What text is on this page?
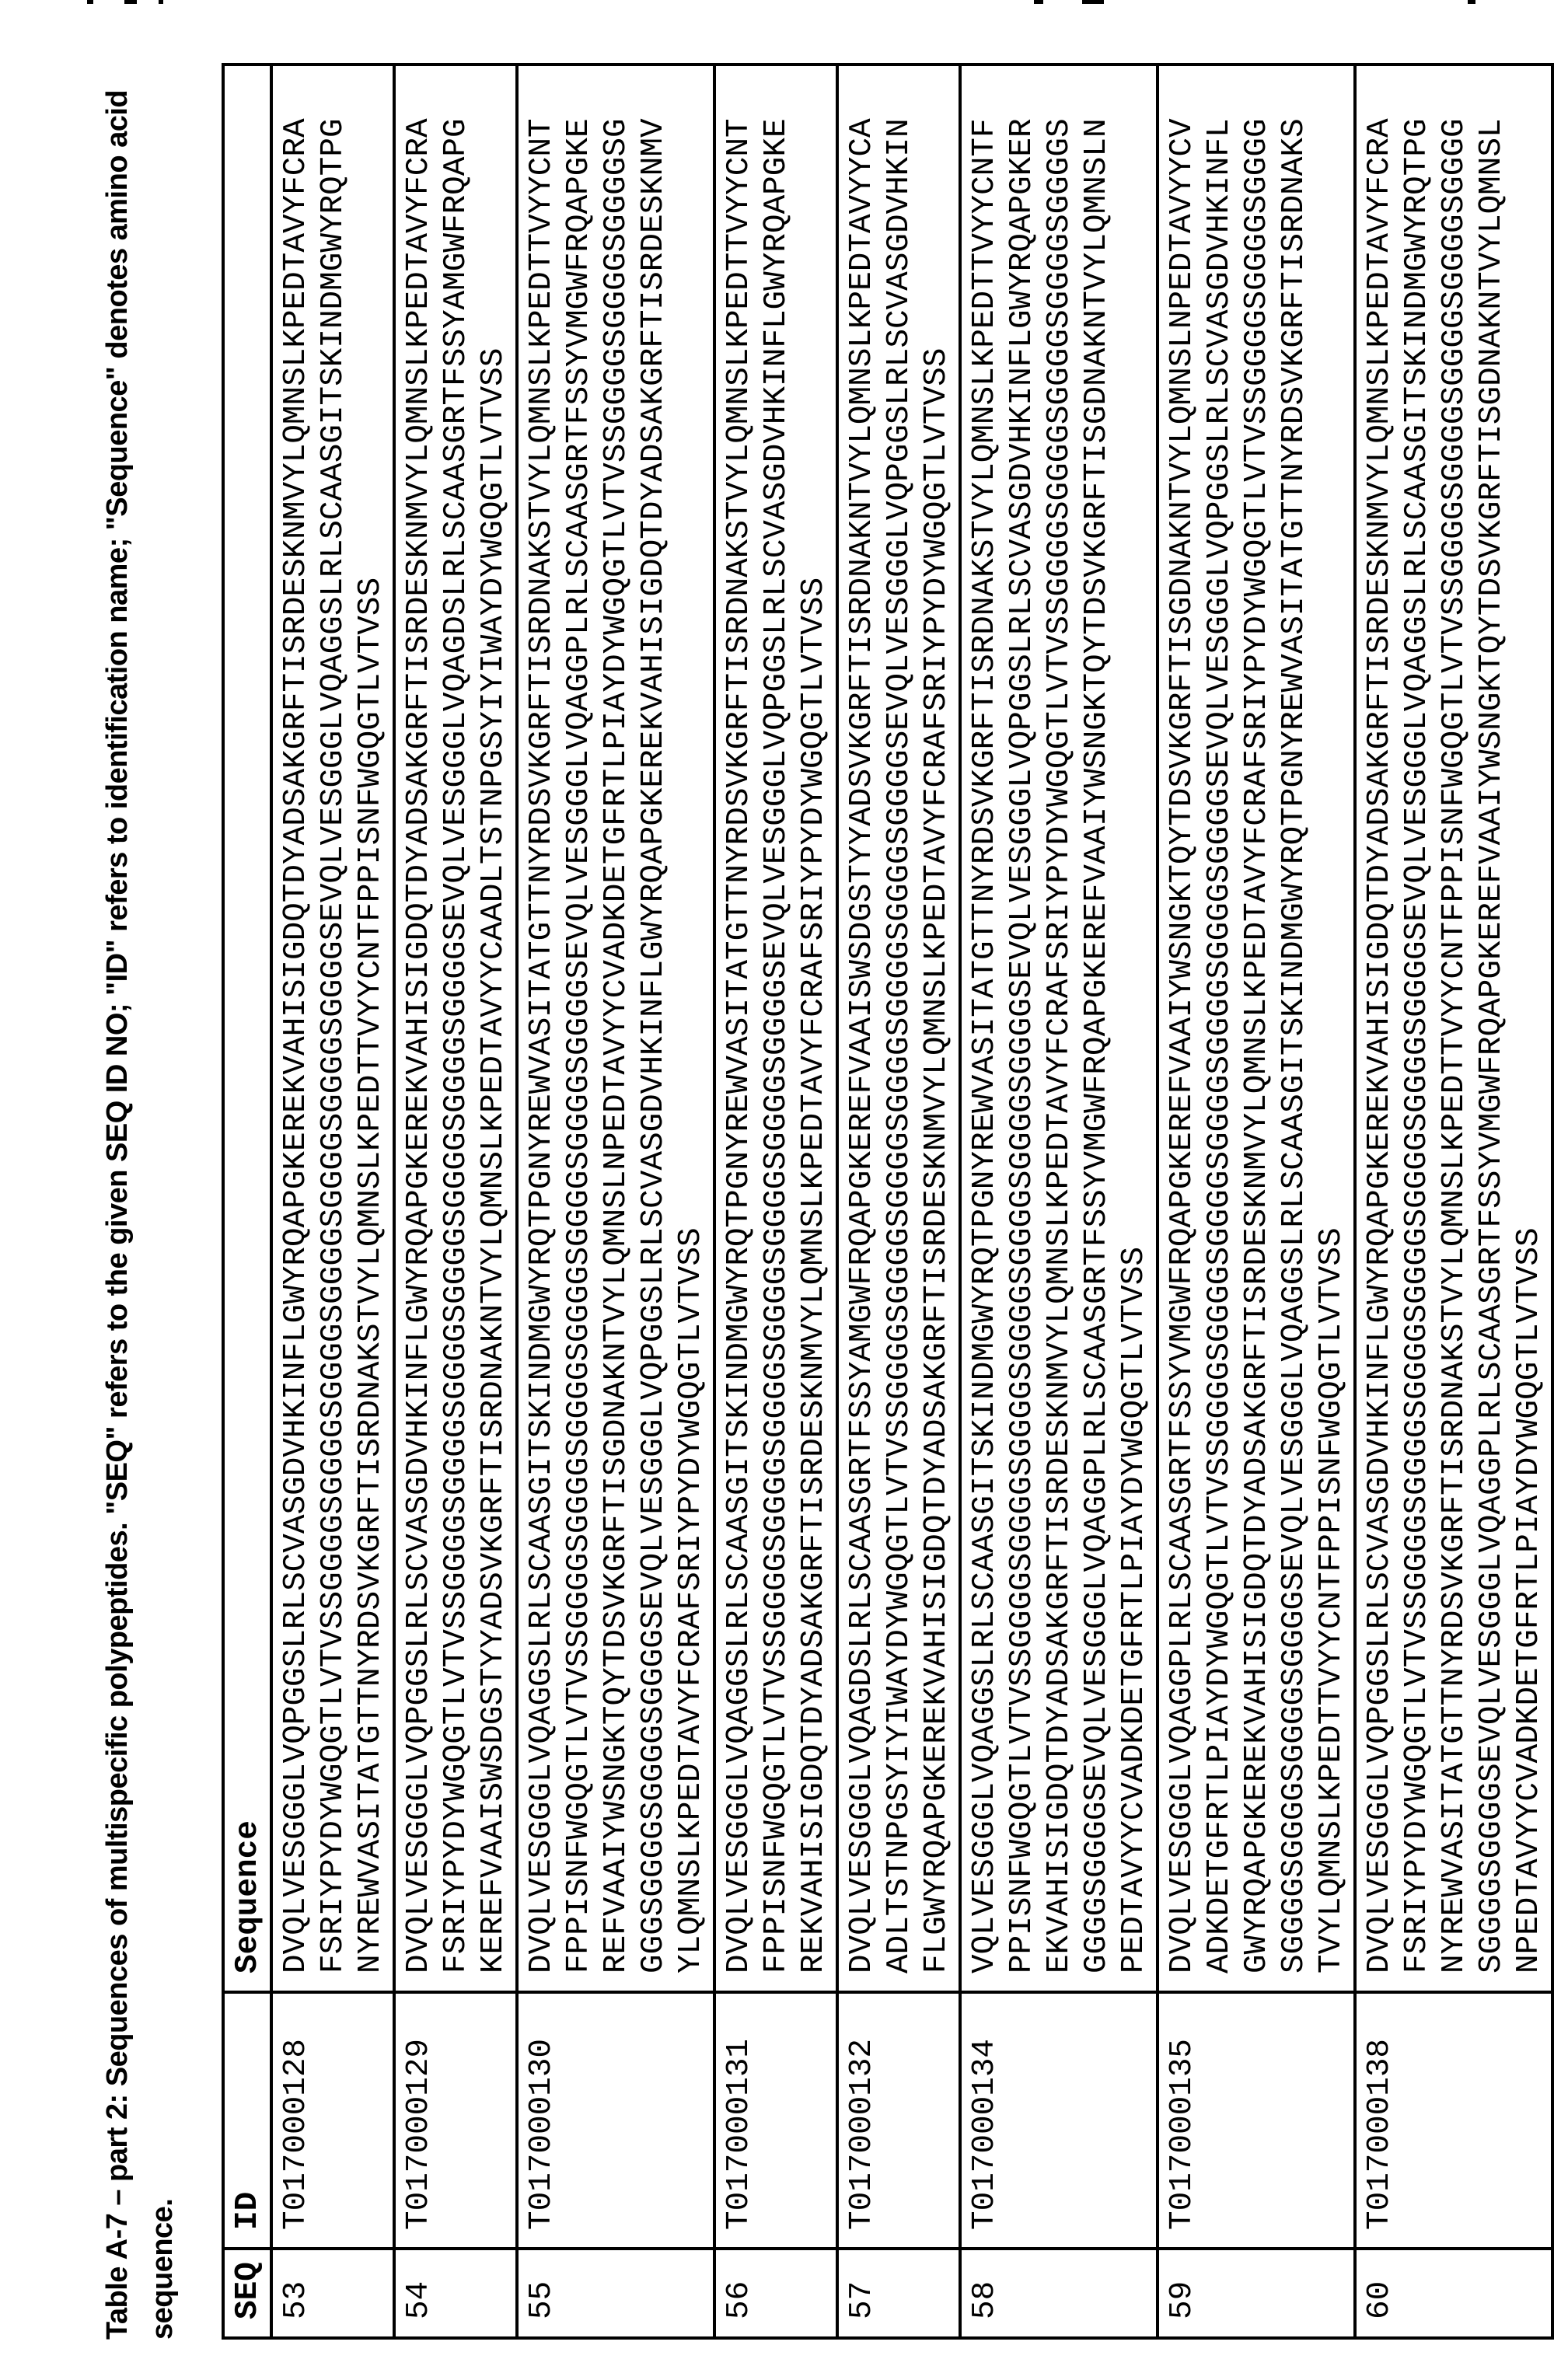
Table A-7 – part 2: Sequences of multispecific polypeptides. "SEQ" refers to the given SEQ ID NO; "ID" refers to identification name; "Sequence" denotes amino acid sequence. SEQ	ID	Sequence
53	T017000128	DVQLVESGGGLVQPGGSLRLSCVASGDVHKINFLGWYRQAPGKEREKVAHISIGDQTDYADSAKGRFTISRDESKNMVYLQMNSLKPEDTAVYFCRA FSRIYPYDYWGQGTLVTVSSGGGGSGGGGSGGGGSGGGGSGGGGSGGGGSGGGGSEVQLVESGGGLVQAGGSLRLSCAASGITSKINDMGWYRQTPG NYREWVASITATGTTNYRDSVKGRFTISRDNAKSTVYLQMNSLKPEDTTVYYCNTFPPISNFWGQGTLVTVSS

54	T017000129	DVQLVESGGGLVQPGGSLRLSCVASGDVHKINFLGWYRQAPGKEREKVAHISIGDQTDYADSAKGRFTISRDESKNMVYLQMNSLKPEDTAVYFCRA FSRIYPYDYWGQGTLVTVSSGGGGSGGGGSGGGGSGGGGSGGGGSGGGGSGGGGSEVQLVESGGGLVQAGDSLRLSCAASGRTFSSYAMGWFRQAPG KEREFVAAISWSDGSTYYADSVKGRFTISRDNAKNTVYLQMNSLKPEDTAVYYCAADLTSTNPGSYIYIWAYDYWGQGTLVTVSS

55	T017000130	DVQLVESGGGLVQAGGSLRLSCAASGITSKINDMGWYRQTPGNYREWVASITATGTTNYRDSVKGRFTISRDNAKSTVYLQMNSLKPEDTTVYYCNT FPPISNFWGQGTLVTVSSGGGGSGGGGSGGGGSGGGGSGGGGSGGGGSGGGGSEVQLVESGGGLVQAGGPLRLSCAASGRTFSSYVMGWFRQAPGKE REFVAAIYWSNGKTQYTDSVKGRFTISGDNAKNTVYLQMNSLNPEDTAVYYCVADKDETGFRTLPIAYDYWGQGTLVTVSSGGGGSGGGGSGGGGSG GGGSGGGGSGGGGSGGGGSEVQLVESGGGLVQPGGSLRLSCVASGDVHKINFLGWYRQAPGKEREKVAHISIGDQTDYADSAKGRFTISRDESKNMV YLQMNSLKPEDTAVYFCRAFSRIYPYDYWGQGTLVTVSS

56	T017000131	DVQLVESGGGLVQAGGSLRLSCAASGITSKINDMGWYRQTPGNYREWVASITATGTTNYRDSVKGRFTISRDNAKSTVYLQMNSLKPEDTTVYYCNT FPPISNFWGQGTLVTVSSGGGGSGGGGSGGGGSGGGGSGGGGSGGGGSGGGGSEVQLVESGGGLVQPGGSLRLSCVASGDVHKINFLGWYRQAPGKE REKVAHISIGDQTDYADSAKGRFTISRDESKNMVYLQMNSLKPEDTAVYFCRAFSRIYPYDYWGQGTLVTVSS

57	T017000132	DVQLVESGGGLVQAGDSLRLSCAASGRTFSSYAMGWFRQAPGKEREFVAAISWSDGSTYYADSVKGRFTISRDNAKNTVYLQMNSLKPEDTAVYYCA ADLTSTNPGSYIYIWAYDYWGQGTLVTVSSGGGGSGGGGSGGGGSGGGGSGGGGSGGGGSGGGGSEVQLVESGGGLVQPGGSLRLSCVASGDVHKIN FLGWYRQAPGKEREKVAHISIGDQTDYADSAKGRFTISRDESKNMVYLQMNSLKPEDTAVYFCRAFSRIYPYDYWGQGTLVTVSS

58	T017000134	VQLVESGGGLVQAGGSLRLSCAASGITSKINDMGWYRQTPGNYREWVASITATGTTNYRDSVKGRFTISRDNAKSTVYLQMNSLKPEDTTVYYCNTF PPISNFWGQGTLVTVSSGGGGSGGGGSGGGGSGGGGSGGGGSGGGGSGGGGSEVQLVESGGGLVQPGGSLRLSCVASGDVHKINFLGWYRQAPGKER EKVAHISIGDQTDYADSAKGRFTISRDESKNMVYLQMNSLKPEDTAVYFCRAFSRIYPYDYWGQGTLVTVSSGGGGSGGGGSGGGGSGGGGSGGGGS GGGGSGGGGSEVQLVESGGGLVQAGGPLRLSCAASGRTFSSYVMGWFRQAPGKEREFVAAIYWSNGKTQYTDSVKGRFTISGDNAKNTVYLQMNSLN PEDTAVYYCVADKDETGFRTLPIAYDYWGQGTLVTVSS

59	T017000135	DVQLVESGGGLVQAGGPLRLSCAASGRTFSSYVMGWFRQAPGKEREFVAAIYWSNGKTQYTDSVKGRFTISGDNAKNTVYLQMNSLNPEDTAVYYCV ADKDETGFRTLPIAYDYWGQGTLVTVSSGGGGSGGGGSGGGGSGGGGSGGGGSGGGGSGGGGSEVQLVESGGGLVQPGGSLRLSCVASGDVHKINFL GWYRQAPGKEREKVAHISIGDQTDYADSAKGRFTISRDESKNMVYLQMNSLKPEDTAVYFCRAFSRIYPYDYWGQGTLVTVSSGGGGSGGGGSGGGG SGGGGSGGGGSGGGGSGGGGSEVQLVESGGGLVQAGGSLRLSCAASGITSKINDMGWYRQTPGNYREWVASITATGTTNYRDSVKGRFTISRDNAKS TVYLQMNSLKPEDTTVYYCNTFPPISNFWGQGTLVTVSS

60	T017000138	DVQLVESGGGLVQPGGSLRLSCVASGDVHKINFLGWYRQAPGKEREKVAHISIGDQTDYADSAKGRFTISRDESKNMVYLQMNSLKPEDTAVYFCRA FSRIYPYDYWGQGTLVTVSSGGGGSGGGGSGGGGSGGGGSGGGGSGGGGSGGGGSEVQLVESGGGLVQAGGSLRLSCAASGITSKINDMGWYRQTPG NYREWVASITATGTTNYRDSVKGRFTISRDNAKSTVYLQMNSLKPEDTTVYYCNTFPPISNFWGQGTLVTVSSGGGGSGGGGSGGGGSGGGGSGGGG SGGGGSGGGGSEVQLVESGGGLVQAGGPLRLSCAASGRTFSSYVMGWFRQAPGKEREFVAAIYWSNGKTQYTDSVKGRFTISGDNAKNTVYLQMNSL NPEDTAVYYCVADKDETGFRTLPIAYDYWGQGTLVTVSS
